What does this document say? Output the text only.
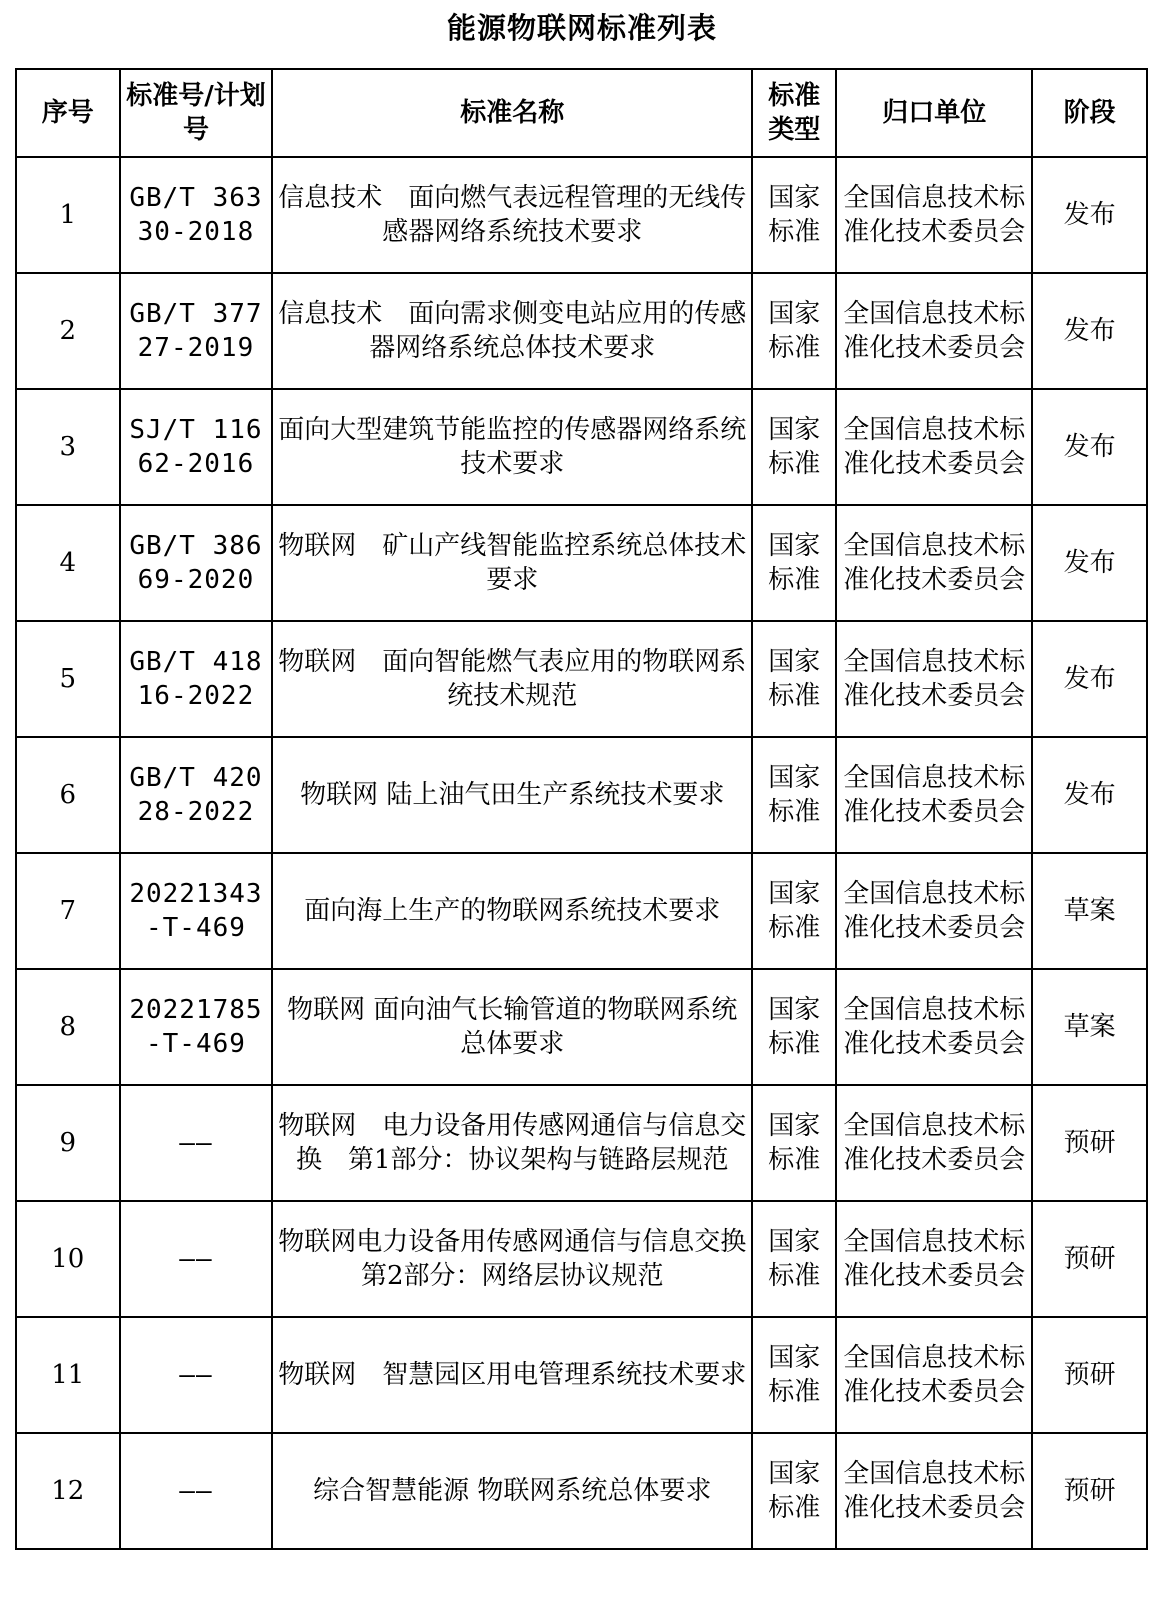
能源物联网标准列表
序号	标准号/计划号	标准名称	标准类型	归口单位	阶段
1	GB/T 36330-2018	信息技术　面向燃气表远程管理的无线传感器网络系统技术要求	国家标准	全国信息技术标准化技术委员会	发布
2	GB/T 37727-2019	信息技术　面向需求侧变电站应用的传感器网络系统总体技术要求	国家标准	全国信息技术标准化技术委员会	发布
3	SJ/T 11662-2016	面向大型建筑节能监控的传感器网络系统技术要求	国家标准	全国信息技术标准化技术委员会	发布
4	GB/T 38669-2020	物联网　矿山产线智能监控系统总体技术要求	国家标准	全国信息技术标准化技术委员会	发布
5	GB/T 41816-2022	物联网　面向智能燃气表应用的物联网系统技术规范	国家标准	全国信息技术标准化技术委员会	发布
6	GB/T 42028-2022	物联网 陆上油气田生产系统技术要求	国家标准	全国信息技术标准化技术委员会	发布
7	20221343-T-469	面向海上生产的物联网系统技术要求	国家标准	全国信息技术标准化技术委员会	草案
8	20221785-T-469	物联网 面向油气长输管道的物联网系统总体要求	国家标准	全国信息技术标准化技术委员会	草案
9	——	物联网　电力设备用传感网通信与信息交换　第1部分：协议架构与链路层规范	国家标准	全国信息技术标准化技术委员会	预研
10	——	物联网电力设备用传感网通信与信息交换第2部分：网络层协议规范	国家标准	全国信息技术标准化技术委员会	预研
11	——	物联网　智慧园区用电管理系统技术要求	国家标准	全国信息技术标准化技术委员会	预研
12	——	综合智慧能源 物联网系统总体要求	国家标准	全国信息技术标准化技术委员会	预研
